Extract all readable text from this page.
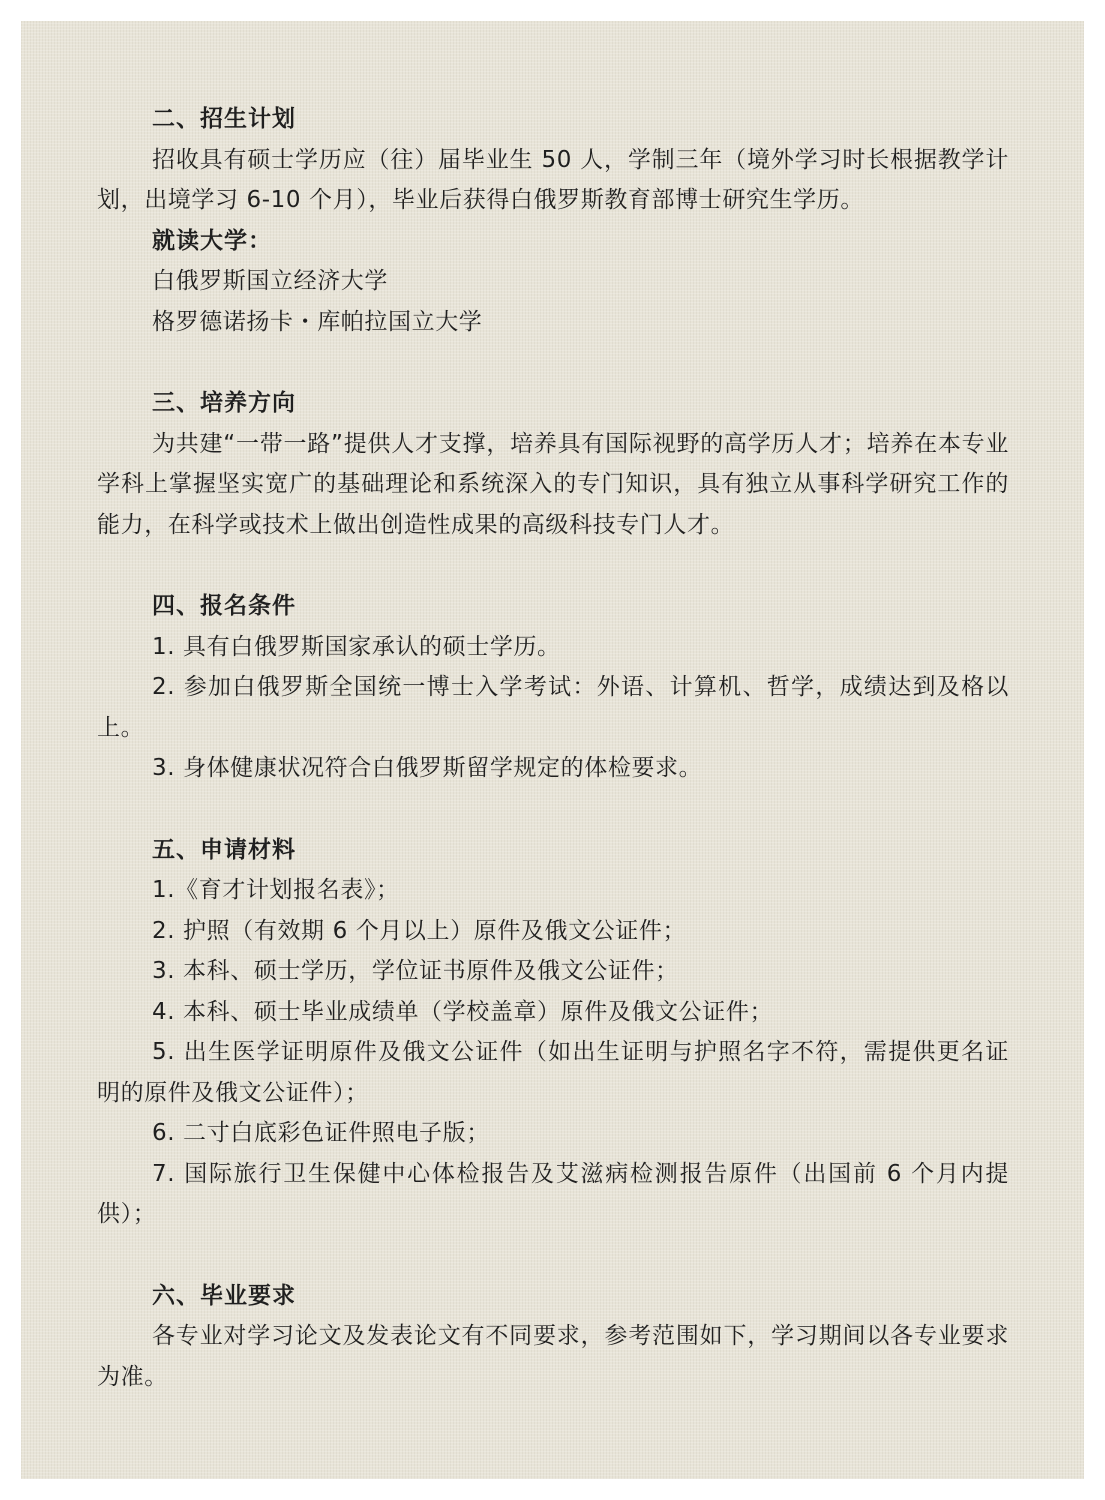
二、招生计划

招收具有硕士学历应（往）届毕业生 50 人，学制三年（境外学习时长根据教学计划，出境学习 6-10 个月），毕业后获得白俄罗斯教育部博士研究生学历。

就读大学：

白俄罗斯国立经济大学

格罗德诺扬卡・库帕拉国立大学

三、培养方向

为共建“一带一路”提供人才支撑，培养具有国际视野的高学历人才；培养在本专业学科上掌握坚实宽广的基础理论和系统深入的专门知识，具有独立从事科学研究工作的能力，在科学或技术上做出创造性成果的高级科技专门人才。

四、报名条件

1. 具有白俄罗斯国家承认的硕士学历。

2. 参加白俄罗斯全国统一博士入学考试：外语、计算机、哲学，成绩达到及格以上。

3. 身体健康状况符合白俄罗斯留学规定的体检要求。

五、申请材料

1.《育才计划报名表》；

2. 护照（有效期 6 个月以上）原件及俄文公证件；

3. 本科、硕士学历，学位证书原件及俄文公证件；

4. 本科、硕士毕业成绩单（学校盖章）原件及俄文公证件；

5. 出生医学证明原件及俄文公证件（如出生证明与护照名字不符，需提供更名证明的原件及俄文公证件）；

6. 二寸白底彩色证件照电子版；

7. 国际旅行卫生保健中心体检报告及艾滋病检测报告原件（出国前 6 个月内提供）；

六、毕业要求

各专业对学习论文及发表论文有不同要求，参考范围如下，学习期间以各专业要求为准。
